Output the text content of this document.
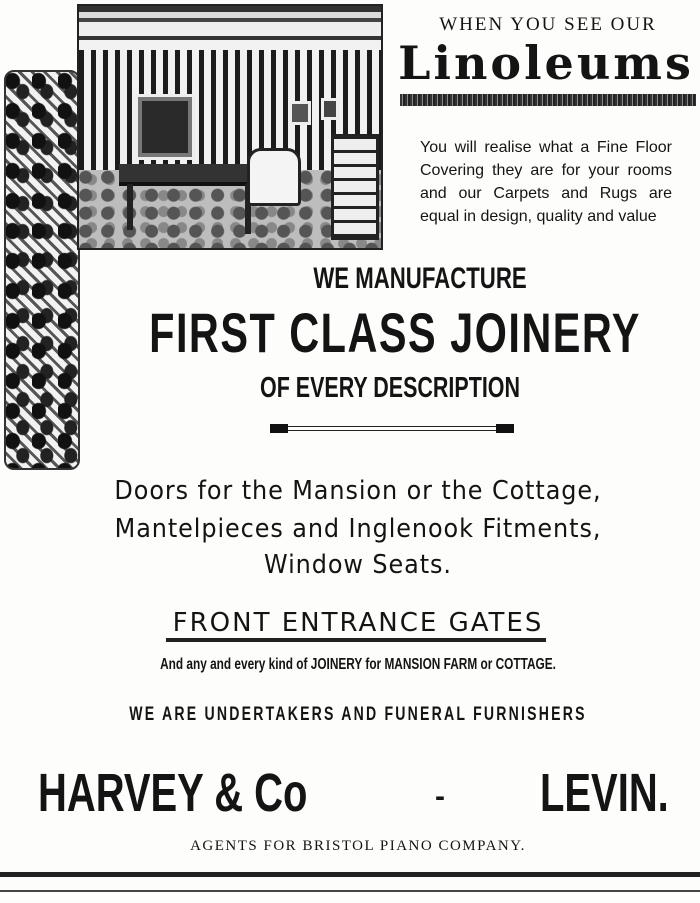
WHEN YOU SEE OUR
Linoleums
You will realise what a Fine Floor Covering they are for your rooms and our Carpets and Rugs are equal in design, quality and value
WE MANUFACTURE
FIRST CLASS JOINERY
OF EVERY DESCRIPTION
Doors for the Mansion or the Cottage,
Mantelpieces and Inglenook Fitments,
Window Seats.
FRONT ENTRANCE GATES
And any and every kind of JOINERY for MANSION FARM or COTTAGE.
WE ARE UNDERTAKERS AND FUNERAL FURNISHERS
HARVEY & Co	- LEVIN.
AGENTS FOR BRISTOL PIANO COMPANY.
